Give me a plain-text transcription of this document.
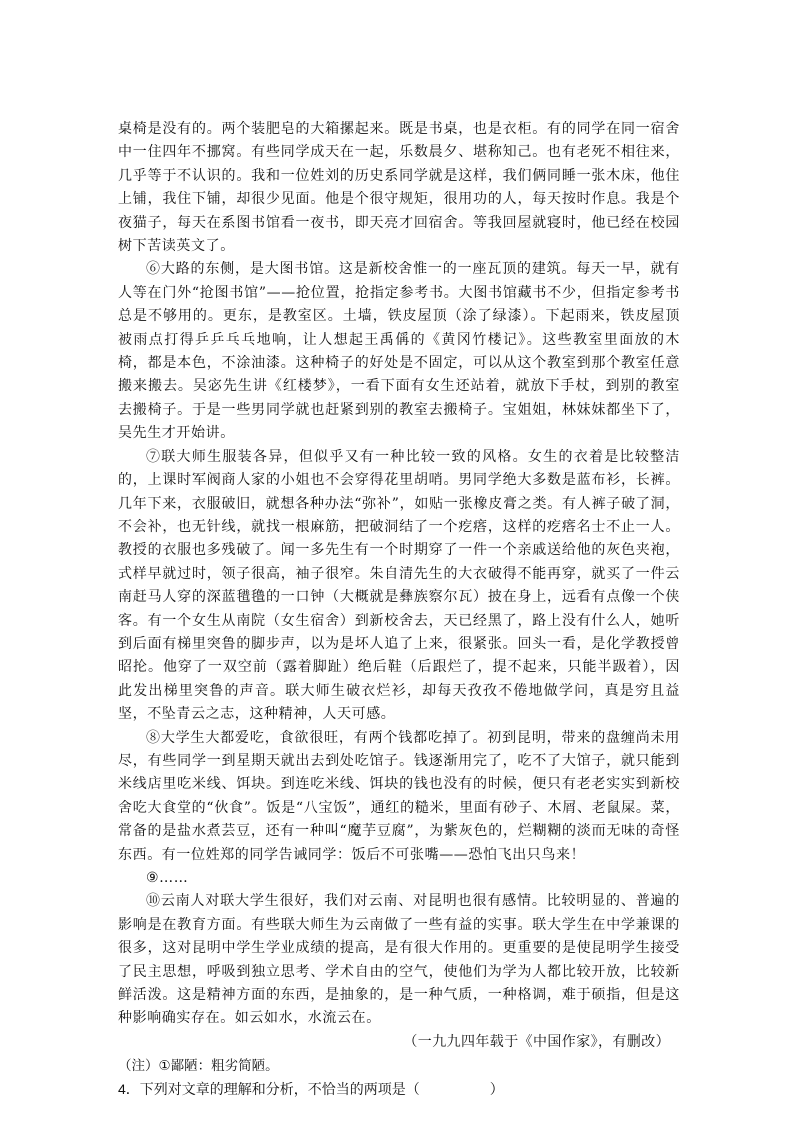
桌椅是没有的。两个装肥皂的大箱摞起来。既是书桌，也是衣柜。有的同学在同一宿舍中一住四年不挪窝。有些同学成天在一起，乐数晨夕、堪称知己。也有老死不相往来，几乎等于不认识的。我和一位姓刘的历史系同学就是这样，我们俩同睡一张木床，他住上铺，我住下铺，却很少见面。他是个很守规矩，很用功的人，每天按时作息。我是个夜猫子，每天在系图书馆看一夜书，即天亮才回宿舍。等我回屋就寝时，他已经在校园树下苦读英文了。

⑥大路的东侧，是大图书馆。这是新校舍惟一的一座瓦顶的建筑。每天一早，就有人等在门外“抢图书馆”——抢位置，抢指定参考书。大图书馆藏书不少，但指定参考书总是不够用的。更东，是教室区。土墙，铁皮屋顶（涂了绿漆）。下起雨来，铁皮屋顶被雨点打得乒乒乓乓地响，让人想起王禹偁的《黄冈竹楼记》。这些教室里面放的木椅，都是本色，不涂油漆。这种椅子的好处是不固定，可以从这个教室到那个教室任意搬来搬去。吴宓先生讲《红楼梦》，一看下面有女生还站着，就放下手杖，到别的教室去搬椅子。于是一些男同学就也赶紧到别的教室去搬椅子。宝姐姐，林妹妹都坐下了，吴先生才开始讲。

⑦联大师生服装各异，但似乎又有一种比较一致的风格。女生的衣着是比较整洁的，上课时军阀商人家的小姐也不会穿得花里胡哨。男同学绝大多数是蓝布衫，长裤。几年下来，衣服破旧，就想各种办法“弥补”，如贴一张橡皮膏之类。有人裤子破了洞，不会补，也无针线，就找一根麻筋，把破洞结了一个疙瘩，这样的疙瘩名士不止一人。教授的衣服也多残破了。闻一多先生有一个时期穿了一件一个亲戚送给他的灰色夹袍，式样早就过时，领子很高，袖子很窄。朱自清先生的大衣破得不能再穿，就买了一件云南赶马人穿的深蓝氆氇的一口钟（大概就是彝族察尔瓦）披在身上，远看有点像一个侠客。有一个女生从南院（女生宿舍）到新校舍去，天已经黑了，路上没有什么人，她听到后面有梯里突鲁的脚步声，以为是坏人追了上来，很紧张。回头一看，是化学教授曾昭抡。他穿了一双空前（露着脚趾）绝后鞋（后跟烂了，提不起来，只能半趿着），因此发出梯里突鲁的声音。联大师生破衣烂衫，却每天孜孜不倦地做学问，真是穷且益坚，不坠青云之志，这种精神，人天可感。

⑧大学生大都爱吃，食欲很旺，有两个钱都吃掉了。初到昆明，带来的盘缠尚未用尽，有些同学一到星期天就出去到处吃馆子。钱逐渐用完了，吃不了大馆子，就只能到米线店里吃米线、饵块。到连吃米线、饵块的钱也没有的时候，便只有老老实实到新校舍吃大食堂的“伙食”。饭是“八宝饭”，通红的糙米，里面有砂子、木屑、老鼠屎。菜，常备的是盐水煮芸豆，还有一种叫“魔芋豆腐”，为紫灰色的，烂糊糊的淡而无味的奇怪东西。有一位姓郑的同学告诫同学：饭后不可张嘴——恐怕飞出只鸟来！

⑨……

⑩云南人对联大学生很好，我们对云南、对昆明也很有感情。比较明显的、普遍的影响是在教育方面。有些联大师生为云南做了一些有益的实事。联大学生在中学兼课的很多，这对昆明中学生学业成绩的提高，是有很大作用的。更重要的是使昆明学生接受了民主思想，呼吸到独立思考、学术自由的空气，使他们为学为人都比较开放，比较新鲜活泼。这是精神方面的东西，是抽象的，是一种气质，一种格调，难于硕指，但是这种影响确实存在。如云如水，水流云在。

（一九九四年载于《中国作家》，有删改）

（注）①鄙陋：粗劣简陋。

4．下列对文章的理解和分析，不恰当的两项是（	）
